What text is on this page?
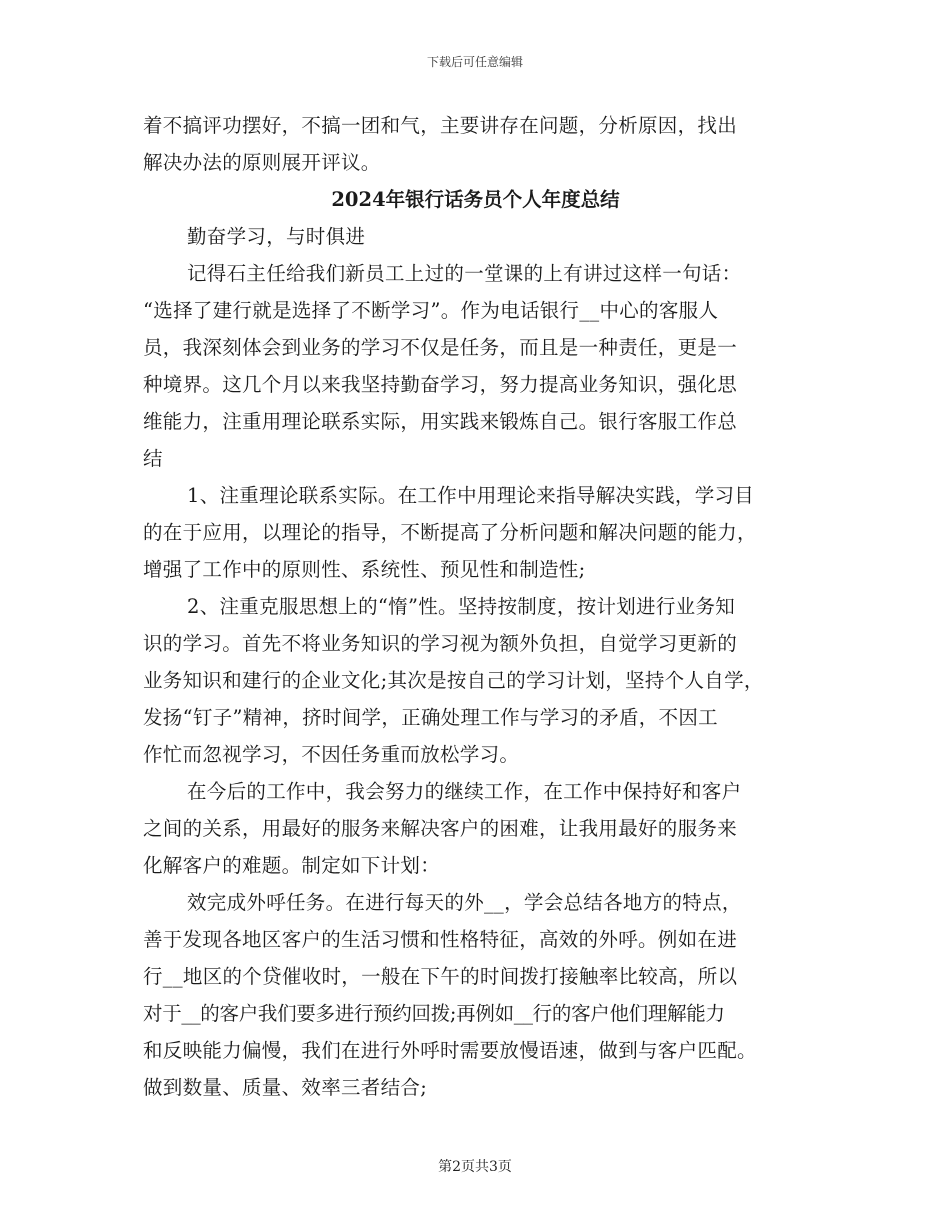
下载后可任意编辑
着不搞评功摆好，不搞一团和气，主要讲存在问题，分析原因，找出
解决办法的原则展开评议。
2024年银行话务员个人年度总结
勤奋学习，与时俱进
记得石主任给我们新员工上过的一堂课的上有讲过这样一句话：
“选择了建行就是选择了不断学习”。作为电话银行__中心的客服人
员，我深刻体会到业务的学习不仅是任务，而且是一种责任，更是一
种境界。这几个月以来我坚持勤奋学习，努力提高业务知识，强化思
维能力，注重用理论联系实际，用实践来锻炼自己。银行客服工作总
结
1、注重理论联系实际。在工作中用理论来指导解决实践，学习目
的在于应用，以理论的指导，不断提高了分析问题和解决问题的能力，
增强了工作中的原则性、系统性、预见性和制造性;
2、注重克服思想上的“惰”性。坚持按制度，按计划进行业务知
识的学习。首先不将业务知识的学习视为额外负担，自觉学习更新的
业务知识和建行的企业文化;其次是按自己的学习计划，坚持个人自学，
发扬“钉子”精神，挤时间学，正确处理工作与学习的矛盾，不因工
作忙而忽视学习，不因任务重而放松学习。
在今后的工作中，我会努力的继续工作，在工作中保持好和客户
之间的关系，用最好的服务来解决客户的困难，让我用最好的服务来
化解客户的难题。制定如下计划：
效完成外呼任务。在进行每天的外__，学会总结各地方的特点，
善于发现各地区客户的生活习惯和性格特征，高效的外呼。例如在进
行__地区的个贷催收时，一般在下午的时间拨打接触率比较高，所以
对于__的客户我们要多进行预约回拨;再例如__行的客户他们理解能力
和反映能力偏慢，我们在进行外呼时需要放慢语速，做到与客户匹配。
做到数量、质量、效率三者结合;
第2页共3页
